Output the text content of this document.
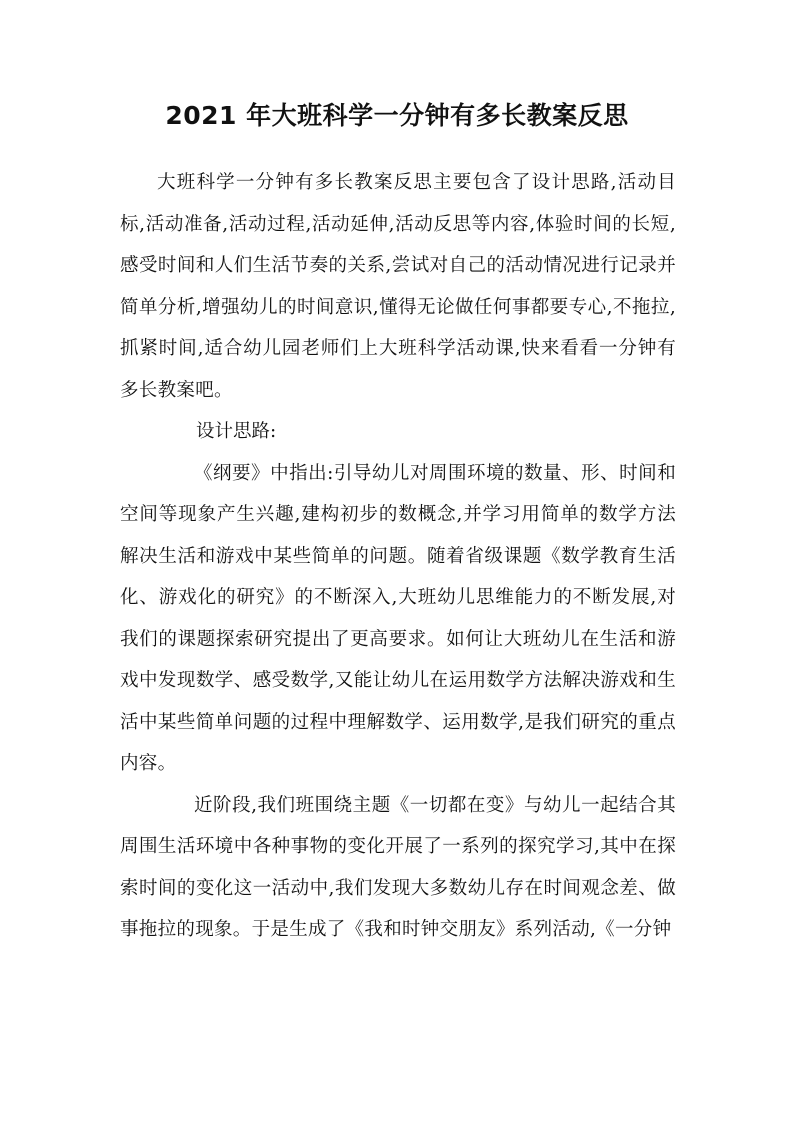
2021 年大班科学一分钟有多长教案反思

大班科学一分钟有多长教案反思主要包含了设计思路,活动目标,活动准备,活动过程,活动延伸,活动反思等内容,体验时间的长短,感受时间和人们生活节奏的关系,尝试对自己的活动情况进行记录并简单分析,增强幼儿的时间意识,懂得无论做任何事都要专心,不拖拉,抓紧时间,适合幼儿园老师们上大班科学活动课,快来看看一分钟有多长教案吧。

设计思路:

《纲要》中指出:引导幼儿对周围环境的数量、形、时间和空间等现象产生兴趣,建构初步的数概念,并学习用简单的数学方法解决生活和游戏中某些简单的问题。随着省级课题《数学教育生活化、游戏化的研究》的不断深入,大班幼儿思维能力的不断发展,对我们的课题探索研究提出了更高要求。如何让大班幼儿在生活和游戏中发现数学、感受数学,又能让幼儿在运用数学方法解决游戏和生活中某些简单问题的过程中理解数学、运用数学,是我们研究的重点内容。

近阶段,我们班围绕主题《一切都在变》与幼儿一起结合其周围生活环境中各种事物的变化开展了一系列的探究学习,其中在探索时间的变化这一活动中,我们发现大多数幼儿存在时间观念差、做事拖拉的现象。于是生成了《我和时钟交朋友》系列活动,《一分钟
